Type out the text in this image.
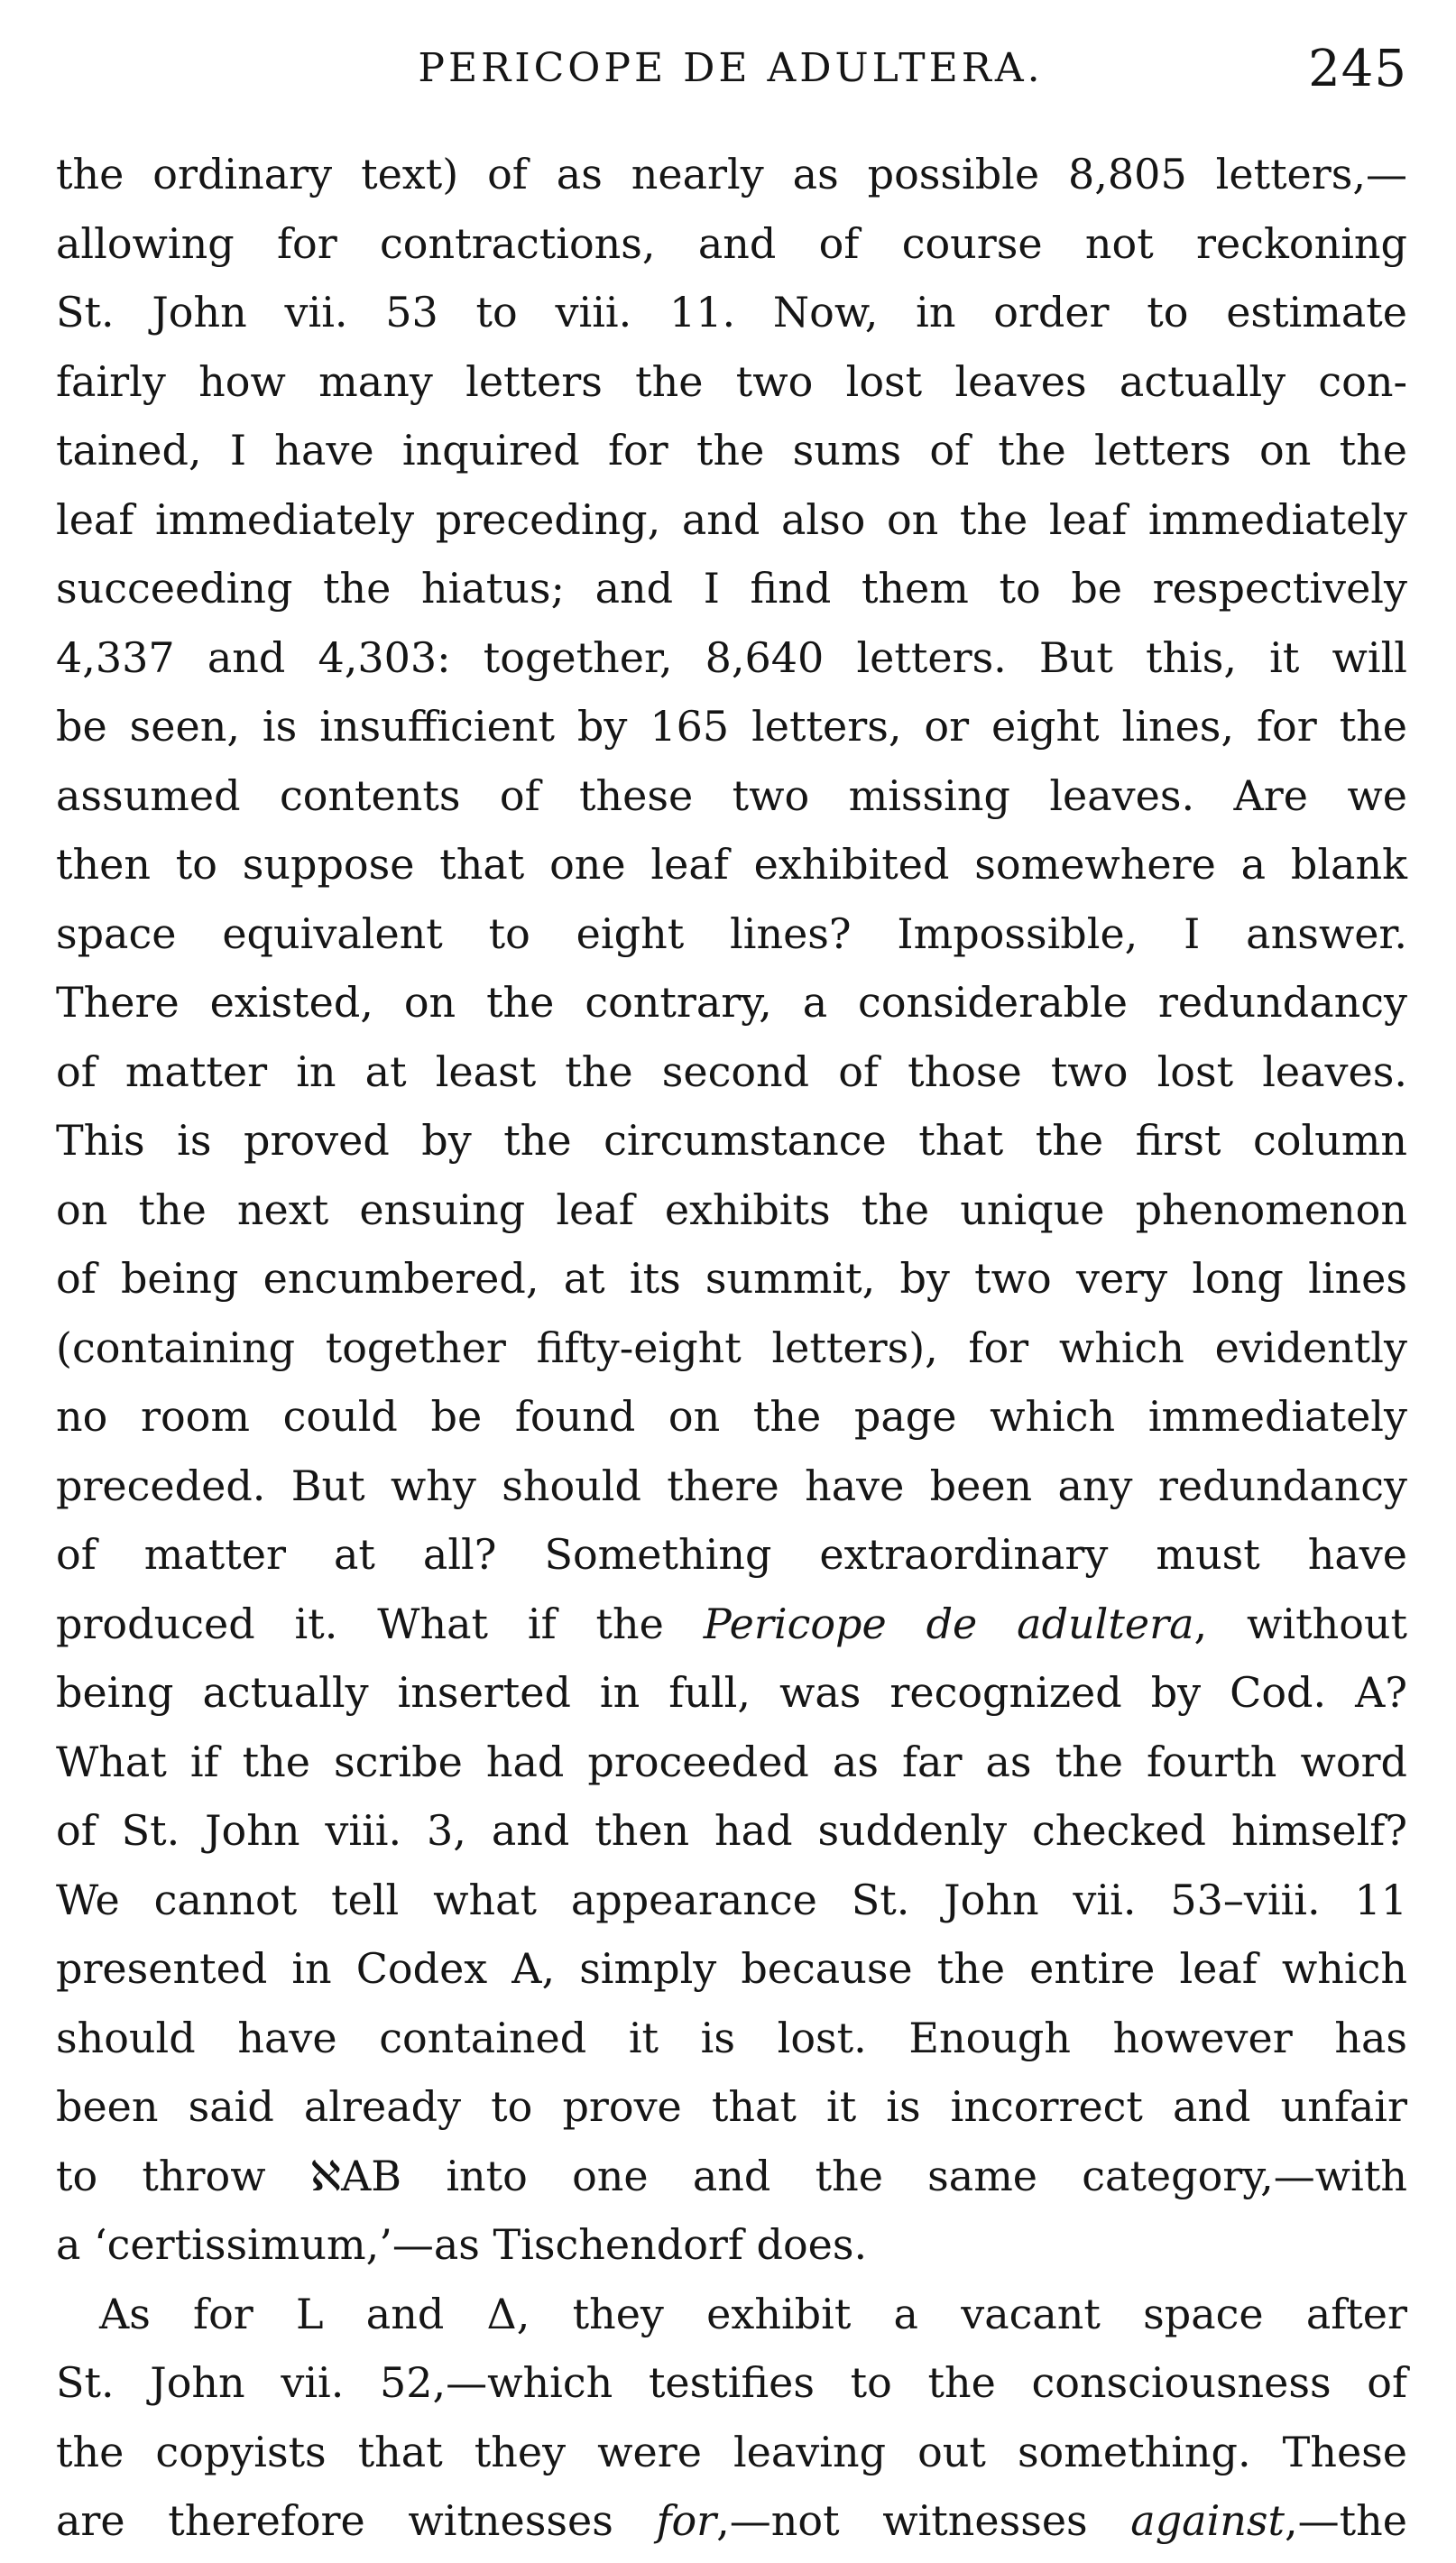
PERICOPE DE ADULTERA.	245
the ordinary text) of as nearly as possible 8,805 letters,—
allowing for contractions, and of course not reckoning
St. John vii. 53 to viii. 11. Now, in order to estimate
fairly how many letters the two lost leaves actually con-
tained, I have inquired for the sums of the letters on the
leaf immediately preceding, and also on the leaf immediately
succeeding the hiatus; and I find them to be respectively
4,337 and 4,303: together, 8,640 letters. But this, it will
be seen, is insufficient by 165 letters, or eight lines, for the
assumed contents of these two missing leaves. Are we
then to suppose that one leaf exhibited somewhere a blank
space equivalent to eight lines? Impossible, I answer.
There existed, on the contrary, a considerable redundancy
of matter in at least the second of those two lost leaves.
This is proved by the circumstance that the first column
on the next ensuing leaf exhibits the unique phenomenon
of being encumbered, at its summit, by two very long lines
(containing together fifty-eight letters), for which evidently
no room could be found on the page which immediately
preceded. But why should there have been any redundancy
of matter at all? Something extraordinary must have
produced it. What if the Pericope de adultera, without
being actually inserted in full, was recognized by Cod. A?
What if the scribe had proceeded as far as the fourth word
of St. John viii. 3, and then had suddenly checked himself?
We cannot tell what appearance St. John vii. 53–viii. 11
presented in Codex A, simply because the entire leaf which
should have contained it is lost. Enough however has
been said already to prove that it is incorrect and unfair
to throw ℵAB into one and the same category,—with
a ‘certissimum,’—as Tischendorf does.
As for L and Δ, they exhibit a vacant space after
St. John vii. 52,—which testifies to the consciousness of
the copyists that they were leaving out something. These
are therefore witnesses for,—not witnesses against,—the
